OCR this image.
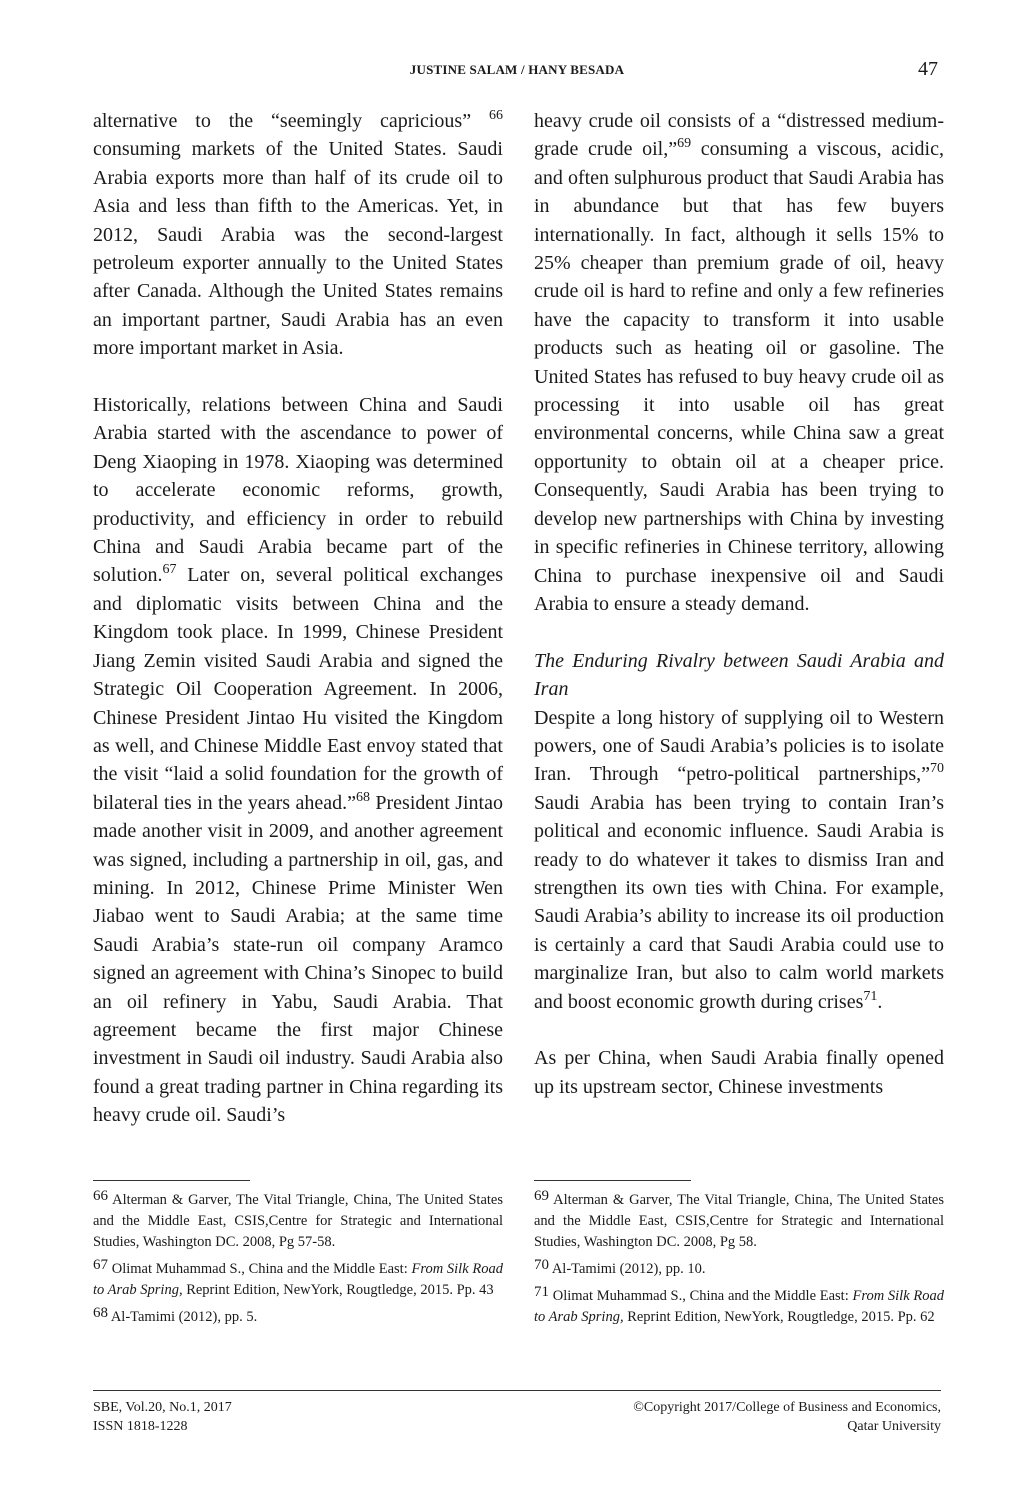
JUSTINE SALAM / HANY BESADA	47

alternative to the “seemingly capricious” $^{66}$ consuming markets of the United States. Saudi Arabia exports more than half of its crude oil to Asia and less than fifth to the Americas. Yet, in 2012, Saudi Arabia was the second-largest petroleum exporter annually to the United States after Canada. Although the United States remains an important partner, Saudi Arabia has an even more important market in Asia.

Historically, relations between China and Saudi Arabia started with the ascendance to power of Deng Xiaoping in 1978. Xiaoping was determined to accelerate economic reforms, growth, productivity, and efficiency in order to rebuild China and Saudi Arabia became part of the solution.$^{67}$ Later on, several political exchanges and diplomatic visits between China and the Kingdom took place. In 1999, Chinese President Jiang Zemin visited Saudi Arabia and signed the Strategic Oil Cooperation Agreement. In 2006, Chinese President Jintao Hu visited the Kingdom as well, and Chinese Middle East envoy stated that the visit “laid a solid foundation for the growth of bilateral ties in the years ahead.”$^{68}$ President Jintao made another visit in 2009, and another agreement was signed, including a partnership in oil, gas, and mining. In 2012, Chinese Prime Minister Wen Jiabao went to Saudi Arabia; at the same time Saudi Arabia’s state-run oil company Aramco signed an agreement with China’s Sinopec to build an oil refinery in Yabu, Saudi Arabia. That agreement became the first major Chinese investment in Saudi oil industry. Saudi Arabia also found a great trading partner in China regarding its heavy crude oil. Saudi’s

heavy crude oil consists of a “distressed medium-grade crude oil,”$^{69}$ consuming a viscous, acidic, and often sulphurous product that Saudi Arabia has in abundance but that has few buyers internationally. In fact, although it sells 15% to 25% cheaper than premium grade of oil, heavy crude oil is hard to refine and only a few refineries have the capacity to transform it into usable products such as heating oil or gasoline. The United States has refused to buy heavy crude oil as processing it into usable oil has great environmental concerns, while China saw a great opportunity to obtain oil at a cheaper price. Consequently, Saudi Arabia has been trying to develop new partnerships with China by investing in specific refineries in Chinese territory, allowing China to purchase inexpensive oil and Saudi Arabia to ensure a steady demand.

The Enduring Rivalry between Saudi Arabia and Iran

Despite a long history of supplying oil to Western powers, one of Saudi Arabia’s policies is to isolate Iran. Through “petro-political partnerships,”$^{70}$ Saudi Arabia has been trying to contain Iran’s political and economic influence. Saudi Arabia is ready to do whatever it takes to dismiss Iran and strengthen its own ties with China. For example, Saudi Arabia’s ability to increase its oil production is certainly a card that Saudi Arabia could use to marginalize Iran, but also to calm world markets and boost economic growth during crises$^{71}$.

As per China, when Saudi Arabia finally opened up its upstream sector, Chinese investments

66 Alterman & Garver, The Vital Triangle, China, The United States and the Middle East, CSIS,Centre for Strategic and International Studies, Washington DC. 2008, Pg 57-58.

67 Olimat Muhammad S., China and the Middle East: From Silk Road to Arab Spring, Reprint Edition, NewYork, Rougtledge, 2015. Pp. 43

68 Al-Tamimi (2012), pp. 5.

69 Alterman & Garver, The Vital Triangle, China, The United States and the Middle East, CSIS,Centre for Strategic and International Studies, Washington DC. 2008, Pg 58.

70 Al-Tamimi (2012), pp. 10.

71 Olimat Muhammad S., China and the Middle East: From Silk Road to Arab Spring, Reprint Edition, NewYork, Rougtledge, 2015. Pp. 62

SBE, Vol.20, No.1, 2017
ISSN 1818-1228
©Copyright 2017/College of Business and Economics,
Qatar University
